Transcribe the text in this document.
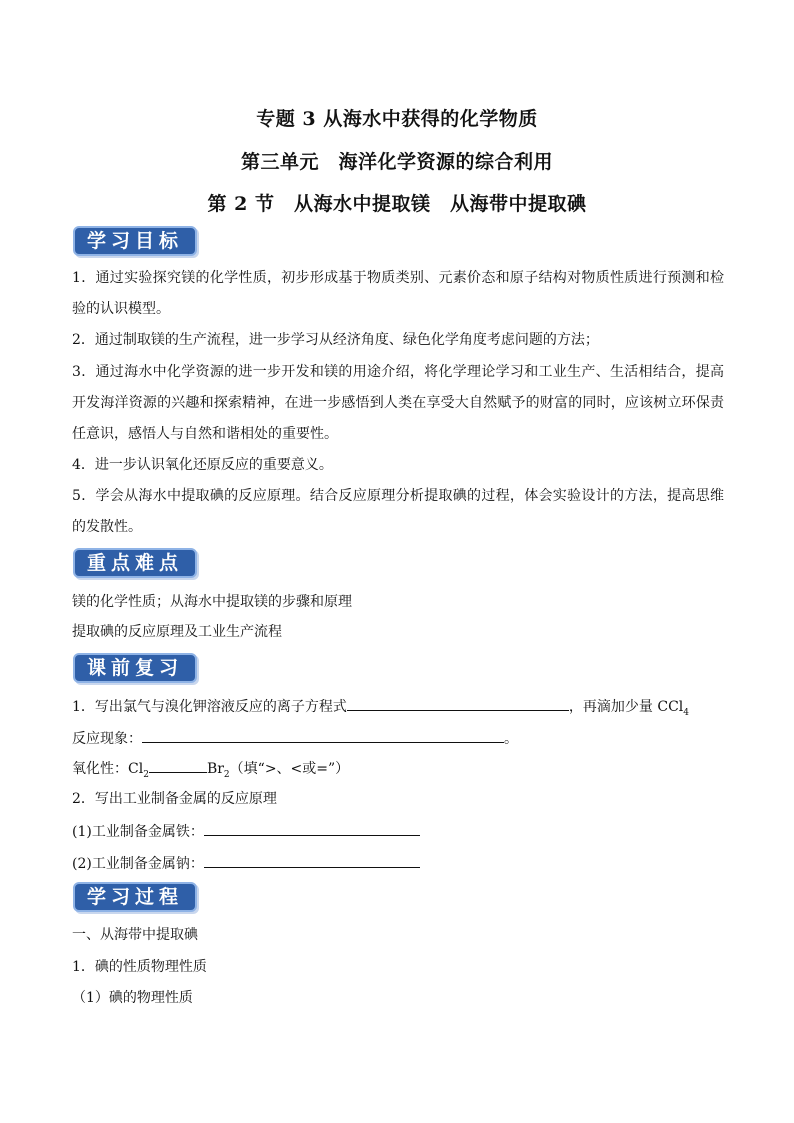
专题 3 从海水中获得的化学物质
第三单元　海洋化学资源的综合利用
第 2 节　从海水中提取镁　从海带中提取碘
学习目标

1．通过实验探究镁的化学性质，初步形成基于物质类别、元素价态和原子结构对物质性质进行预测和检验的认识模型。

2．通过制取镁的生产流程，进一步学习从经济角度、绿色化学角度考虑问题的方法；

3．通过海水中化学资源的进一步开发和镁的用途介绍，将化学理论学习和工业生产、生活相结合，提高开发海洋资源的兴趣和探索精神，在进一步感悟到人类在享受大自然赋予的财富的同时，应该树立环保责任意识，感悟人与自然和谐相处的重要性。

4．进一步认识氧化还原反应的重要意义。

5．学会从海水中提取碘的反应原理。结合反应原理分析提取碘的过程，体会实验设计的方法，提高思维的发散性。

重点难点
镁的化学性质；从海水中提取镁的步骤和原理
提取碘的反应原理及工业生产流程
课前复习
1．写出氯气与溴化钾溶液反应的离子方程式	，再滴加少量 CCl$_4$
反应现象：	。
氧化性：$Cl_2$	$Br_2$（填“>、<或=”）
2．写出工业制备金属的反应原理
(1)工业制备金属铁：
(2)工业制备金属钠：
学习过程
一、从海带中提取碘
1．碘的性质物理性质
（1）碘的物理性质
